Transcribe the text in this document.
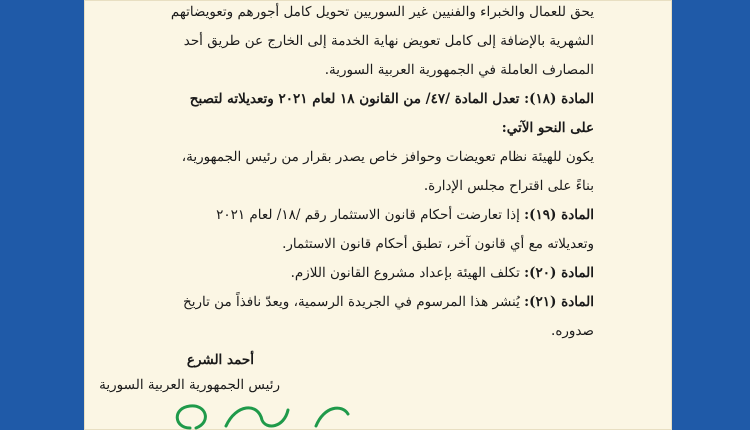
يحق للعمال والخبراء والفنيين غير السوريين تحويل كامل أجورهم وتعويضاتهم
الشهرية بالإضافة إلى كامل تعويض نهاية الخدمة إلى الخارج عن طريق أحد
المصارف العاملة في الجمهورية العربية السورية.
المادة (١٨): تعدل المادة /٤٧/ من القانون ١٨ لعام ٢٠٢١ وتعديلاته لتصبح
على النحو الآتي:
يكون للهيئة نظام تعويضات وحوافز خاص يصدر بقرار من رئيس الجمهورية،
بناءً على اقتراح مجلس الإدارة.
المادة (١٩): إذا تعارضت أحكام قانون الاستثمار رقم /١٨/ لعام ٢٠٢١
وتعديلاته مع أي قانون آخر، تطبق أحكام قانون الاستثمار.
المادة (٢٠): تكلف الهيئة بإعداد مشروع القانون اللازم.
المادة (٢١): يُنشر هذا المرسوم في الجريدة الرسمية، ويعدّ نافذاً من تاريخ
صدوره.
أحمد الشرع
رئيس الجمهورية العربية السورية
